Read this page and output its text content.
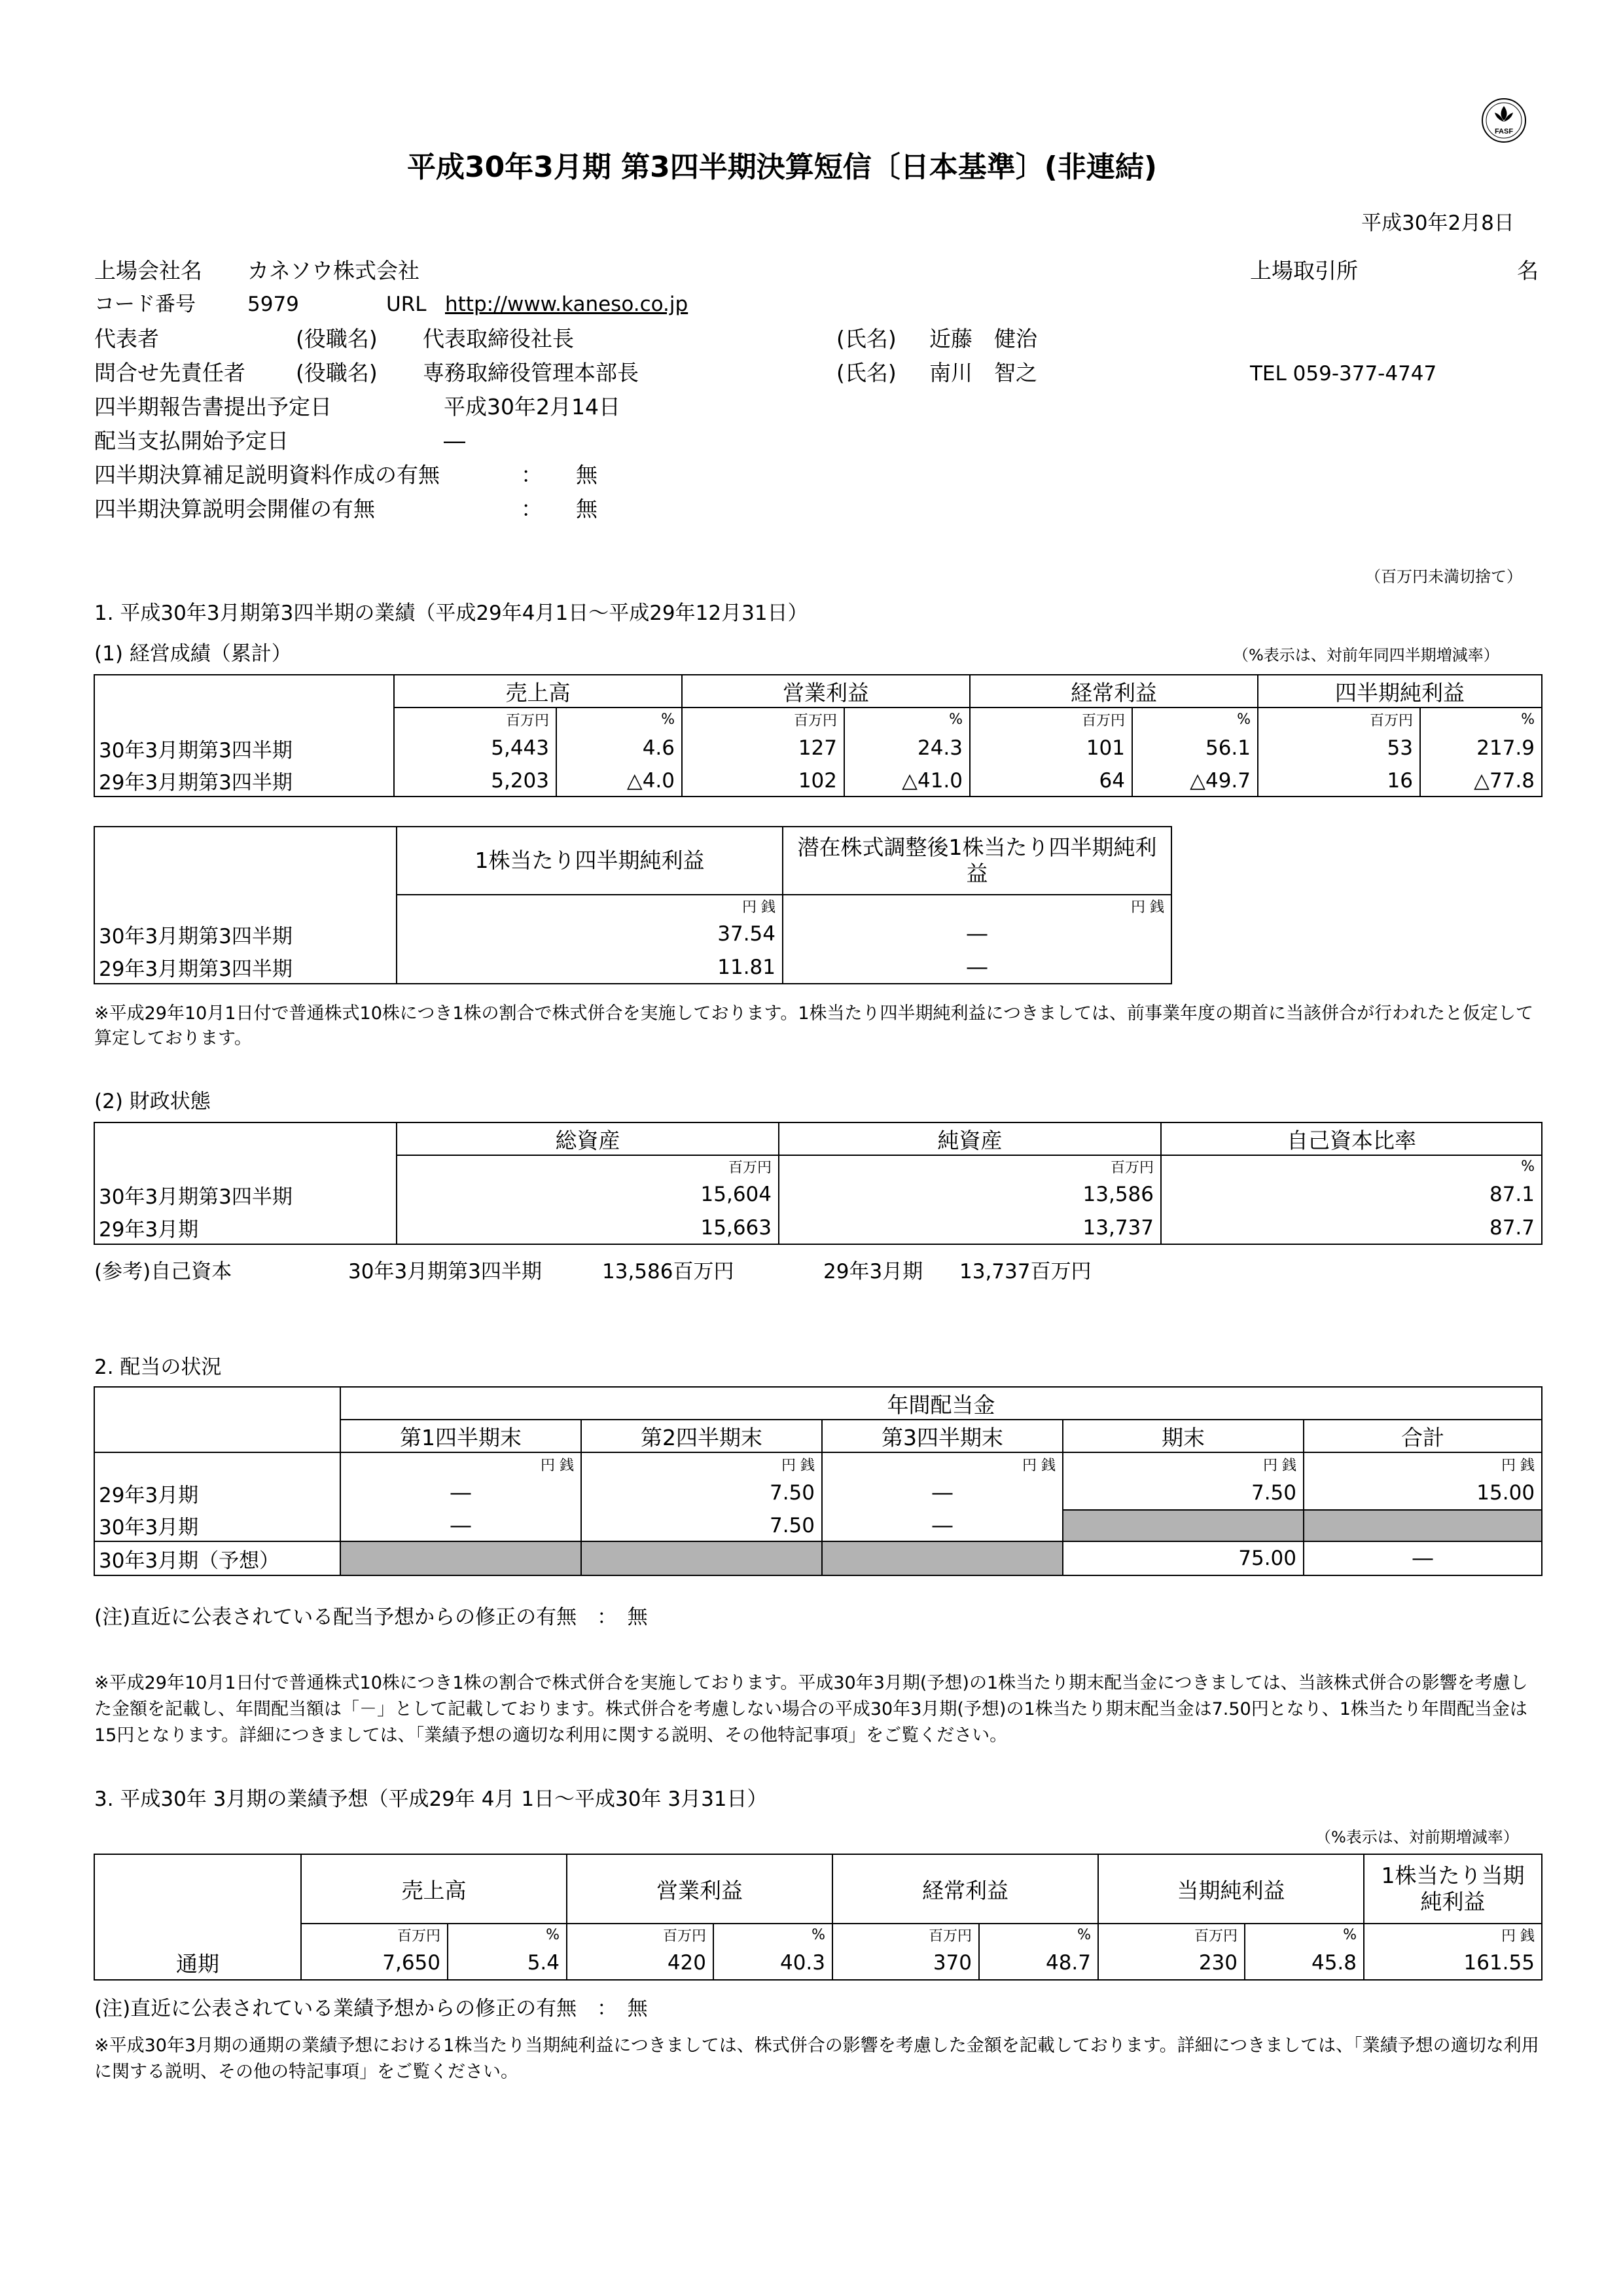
FASF
平成30年3月期 第3四半期決算短信〔日本基準〕(非連結)
平成30年2月8日
上場会社名 カネソウ株式会社	上場取引所	名
コード番号	5979	URL http://www.kaneso.co.jp
代表者	(役職名) 代表取締役社長	(氏名) 近藤　健治
問合せ先責任者 (役職名) 専務取締役管理本部長	(氏名) 南川　智之	TEL 059-377-4747
四半期報告書提出予定日	平成30年2月14日
配当支払開始予定日	―
四半期決算補足説明資料作成の有無	： 無
四半期決算説明会開催の有無	： 無
（百万円未満切捨て）
1. 平成30年3月期第3四半期の業績（平成29年4月1日～平成29年12月31日）
(1) 経営成績（累計）	（%表示は、対前年同四半期増減率）
	売上高		営業利益		経常利益		四半期純利益	
	百万円	%	百万円	%	百万円	%	百万円	%
30年3月期第3四半期	5,443	4.6	127	24.3	101	56.1	53	217.9
29年3月期第3四半期	5,203	△4.0	102	△41.0	64	△49.7	16	△77.8
	1株当たり四半期純利益	潜在株式調整後1株当たり四半期純利益
	円 銭	円 銭
30年3月期第3四半期	37.54	―
29年3月期第3四半期	11.81	―
※平成29年10月1日付で普通株式10株につき1株の割合で株式併合を実施しております。1株当たり四半期純利益につきましては、前事業年度の期首に当該併合が行われたと仮定して算定しております。
(2) 財政状態
	総資産	純資産	自己資本比率
	百万円	百万円	%
30年3月期第3四半期	15,604	13,586	87.1
29年3月期	15,663	13,737	87.7
(参考)自己資本	30年3月期第3四半期	13,586百万円	29年3月期 13,737百万円
2. 配当の状況
	年間配当金				
	第1四半期末	第2四半期末	第3四半期末	期末	合計
	円 銭	円 銭	円 銭	円 銭	円 銭
29年3月期	―	7.50	―	7.50	15.00
30年3月期	―	7.50	―		
30年3月期（予想）				75.00	―
(注)直近に公表されている配当予想からの修正の有無　：　無
※平成29年10月1日付で普通株式10株につき1株の割合で株式併合を実施しております。平成30年3月期(予想)の1株当たり期末配当金につきましては、当該株式併合の影響を考慮した金額を記載し、年間配当額は「－」として記載しております。株式併合を考慮しない場合の平成30年3月期(予想)の1株当たり期末配当金は7.50円となり、1株当たり年間配当金は15円となります。詳細につきましては、「業績予想の適切な利用に関する説明、その他特記事項」をご覧ください。
3. 平成30年 3月期の業績予想（平成29年 4月 1日～平成30年 3月31日）
（%表示は、対前期増減率）
	売上高		営業利益		経常利益		当期純利益		1株当たり当期純利益
	百万円	%	百万円	%	百万円	%	百万円	%	円 銭
通期	7,650	5.4	420	40.3	370	48.7	230	45.8	161.55
(注)直近に公表されている業績予想からの修正の有無　：　無
※平成30年3月期の通期の業績予想における1株当たり当期純利益につきましては、株式併合の影響を考慮した金額を記載しております。詳細につきましては、「業績予想の適切な利用に関する説明、その他の特記事項」をご覧ください。
